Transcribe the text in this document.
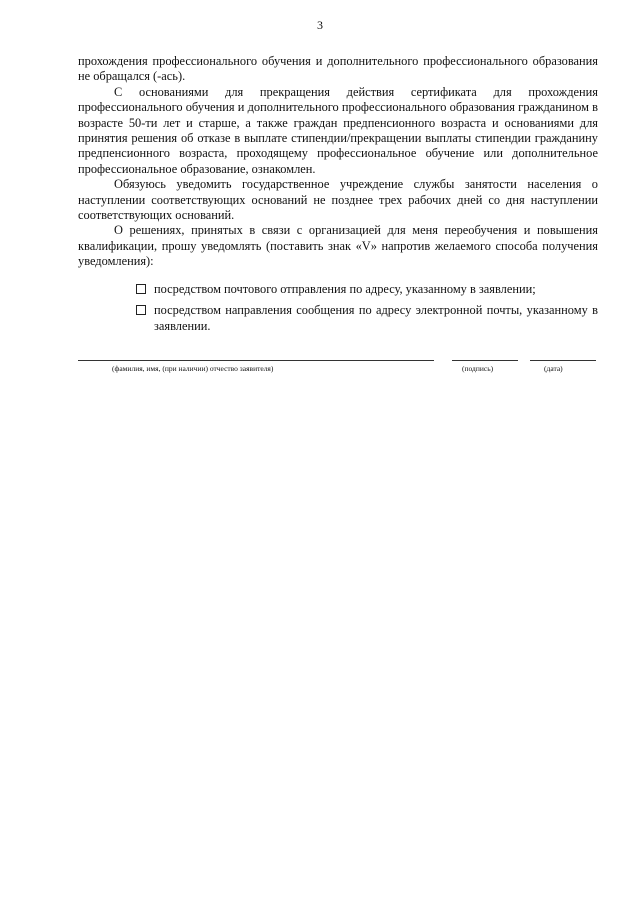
3

прохождения профессионального обучения и дополнительного профессионального образования не обращался (-ась).

С основаниями для прекращения действия сертификата для прохождения профессионального обучения и дополнительного профессионального образования гражданином в возрасте 50-ти лет и старше, а также граждан предпенсионного возраста и основаниями для принятия решения об отказе в выплате стипендии/прекращении выплаты стипендии гражданину предпенсионного возраста, проходящему профессиональное обучение или дополнительное профессиональное образование, ознакомлен.

Обязуюсь уведомить государственное учреждение службы занятости населения о наступлении соответствующих оснований не позднее трех рабочих дней со дня наступлении соответствующих оснований.

О решениях, принятых в связи с организацией для меня переобучения и повышения квалификации, прошу уведомлять (поставить знак «V» напротив желаемого способа получения уведомления):

посредством почтового отправления по адресу, указанному в заявлении;
посредством направления сообщения по адресу электронной почты, указанному в заявлении.
(фамилия, имя, (при наличии) отчество заявителя)	(подпись)	(дата)
